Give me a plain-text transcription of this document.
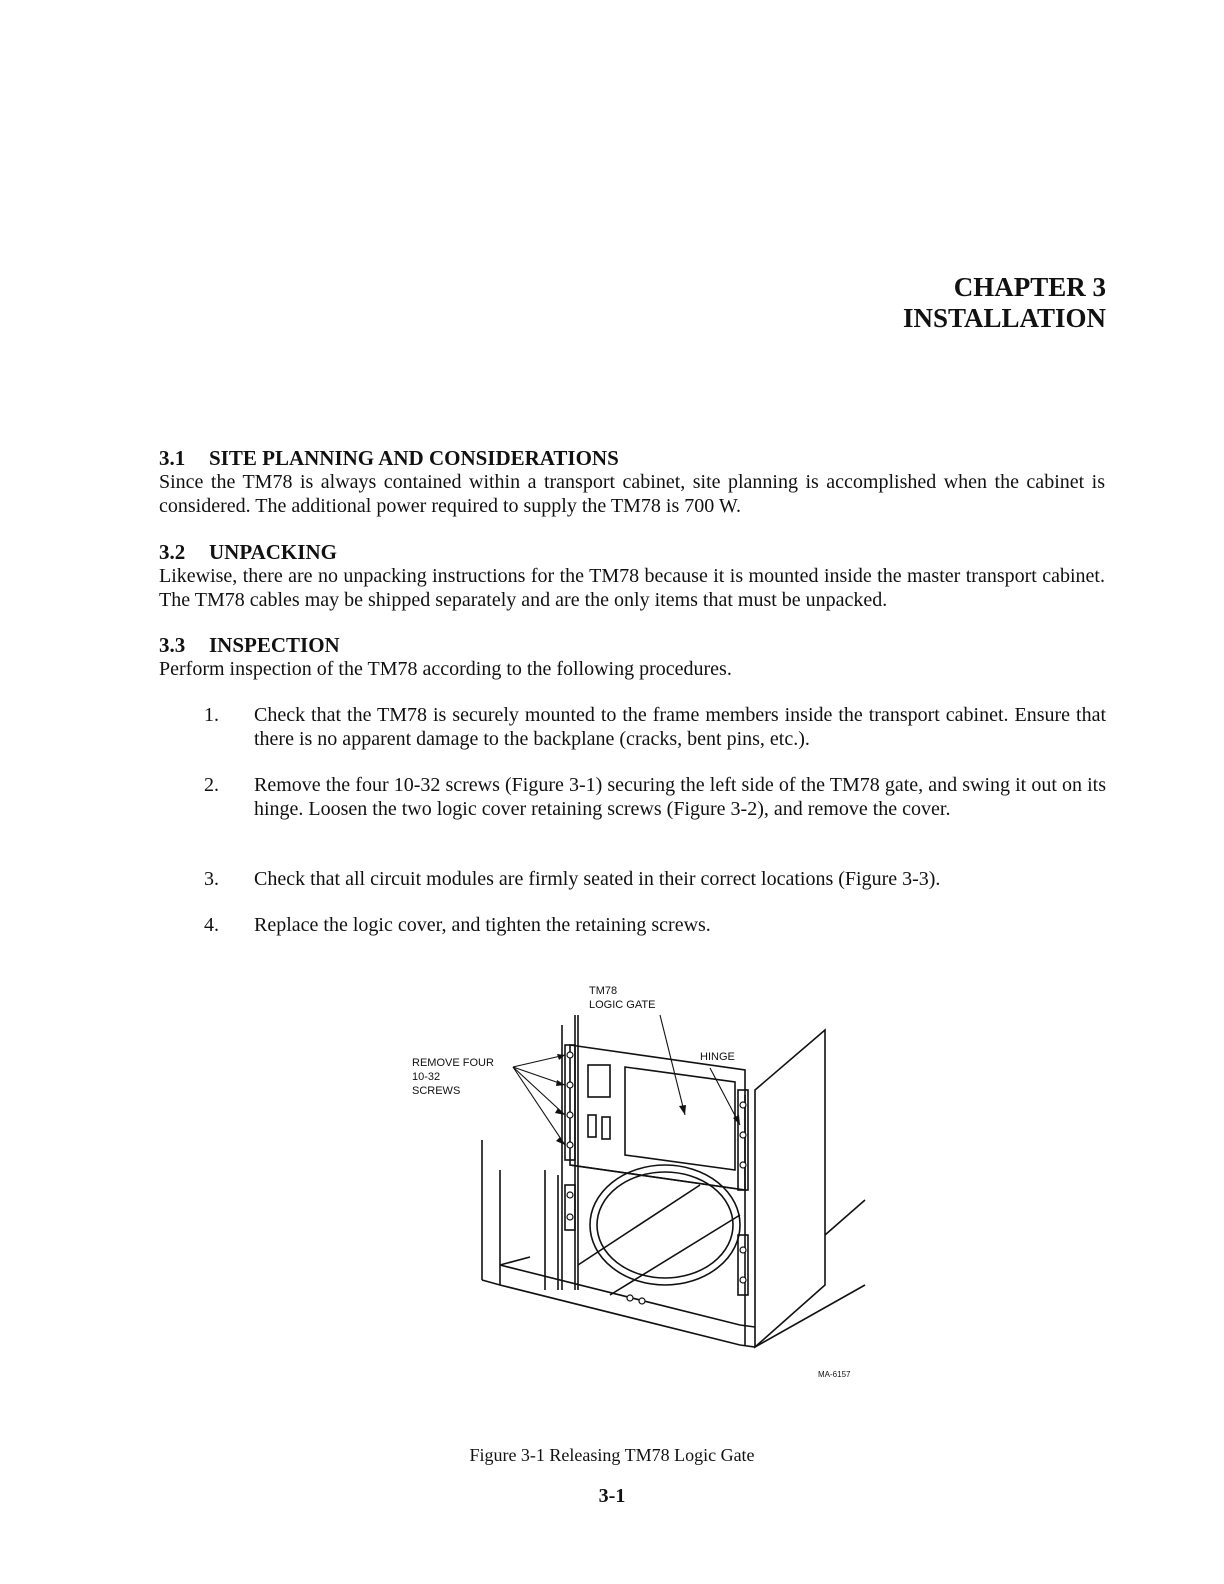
CHAPTER 3
INSTALLATION

3.1 SITE PLANNING AND CONSIDERATIONS

Since the TM78 is always contained within a transport cabinet, site planning is accomplished when the cabinet is considered. The additional power required to supply the TM78 is 700 W.

3.2 UNPACKING

Likewise, there are no unpacking instructions for the TM78 because it is mounted inside the master transport cabinet. The TM78 cables may be shipped separately and are the only items that must be unpacked.

3.3 INSPECTION

Perform inspection of the TM78 according to the following procedures.

1.	Check that the TM78 is securely mounted to the frame members inside the transport cabinet. Ensure that there is no apparent damage to the backplane (cracks, bent pins, etc.).
2.	Remove the four 10-32 screws (Figure 3-1) securing the left side of the TM78 gate, and swing it out on its hinge. Loosen the two logic cover retaining screws (Figure 3-2), and remove the cover.
3.	Check that all circuit modules are firmly seated in their correct locations (Figure 3-3).
4.	Replace the logic cover, and tighten the retaining screws.
TM78
LOGIC GATE
HINGE
REMOVE FOUR
10-32
SCREWS
MA-6157
Figure 3-1 Releasing TM78 Logic Gate
3-1
